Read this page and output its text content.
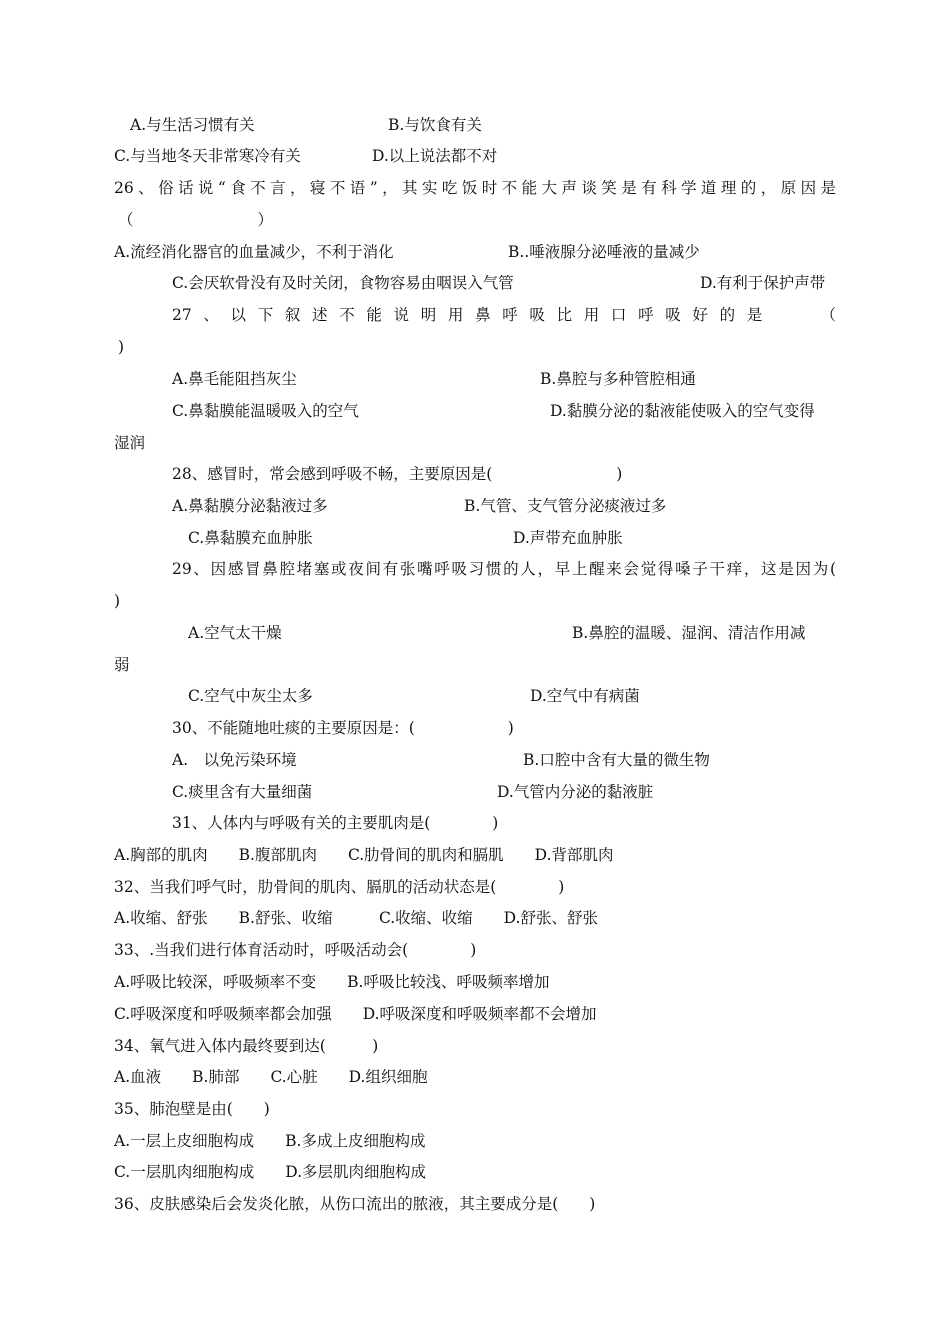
A.与生活习惯有关	B.与饮食有关
C.与当地冬天非常寒冷有关	D.以上说法都不对
26、俗话说“食不言，寝不语”，其实吃饭时不能大声谈笑是有科学道理的，原因是
（　　　　　　　　）
A.流经消化器官的血量减少，不利于消化	B..唾液腺分泌唾液的量减少
C.会厌软骨没有及时关闭，食物容易由咽误入气管	D.有利于保护声带
27、以下叙述不能说明用鼻呼吸比用口呼吸好的是　　（
)
A.鼻毛能阻挡灰尘	B.鼻腔与多种管腔相通
C.鼻黏膜能温暖吸入的空气	D.黏膜分泌的黏液能使吸入的空气变得
湿润
28、感冒时，常会感到呼吸不畅，主要原因是(　　　　　　　　)
A.鼻黏膜分泌黏液过多	B.气管、支气管分泌痰液过多
C.鼻黏膜充血肿胀	D.声带充血肿胀
29、因感冒鼻腔堵塞或夜间有张嘴呼吸习惯的人，早上醒来会觉得嗓子干痒，这是因为(
)
A.空气太干燥	B.鼻腔的温暖、湿润、清洁作用减
弱
C.空气中灰尘太多	D.空气中有病菌
30、不能随地吐痰的主要原因是：(　　　　　　)
A.　以免污染环境	B.口腔中含有大量的微生物
C.痰里含有大量细菌	D.气管内分泌的黏液脏
31、人体内与呼吸有关的主要肌肉是(　　　　)
A.胸部的肌肉　　B.腹部肌肉　　C.肋骨间的肌肉和膈肌　　D.背部肌肉
32、当我们呼气时，肋骨间的肌肉、膈肌的活动状态是(　　　　)
A.收缩、舒张　　B.舒张、收缩　　　C.收缩、收缩　　D.舒张、舒张
33、.当我们进行体育活动时，呼吸活动会(　　　　)
A.呼吸比较深，呼吸频率不变　　B.呼吸比较浅、呼吸频率增加
C.呼吸深度和呼吸频率都会加强　　D.呼吸深度和呼吸频率都不会增加
34、氧气进入体内最终要到达(　　　)
A.血液　　B.肺部　　C.心脏　　D.组织细胞
35、肺泡壁是由(　　)
A.一层上皮细胞构成　　B.多成上皮细胞构成
C.一层肌肉细胞构成　　D.多层肌肉细胞构成
36、皮肤感染后会发炎化脓，从伤口流出的脓液，其主要成分是(　　)
